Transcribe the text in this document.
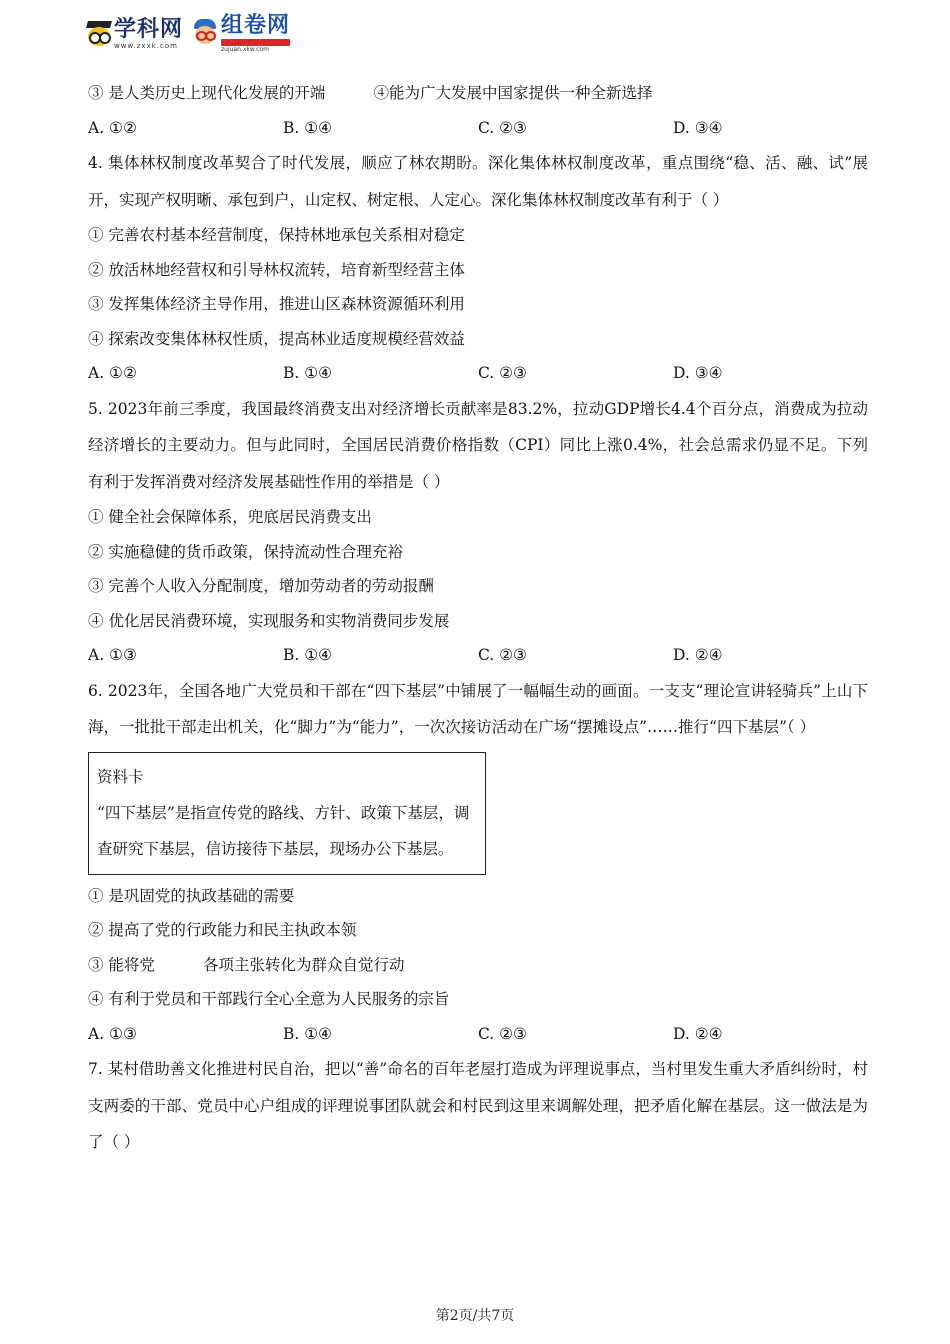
学科网
www.zxxk.com
组卷网
zujuan.xkw.com
③ 是人类历史上现代化发展的开端	④能为广大发展中国家提供一种全新选择
A. ①②	B. ①④	C. ②③	D. ③④
4. 集体林权制度改革契合了时代发展，顺应了林农期盼。深化集体林权制度改革，重点围绕“稳、活、融、试”展开，实现产权明晰、承包到户，山定权、树定根、人定心。深化集体林权制度改革有利于（ ）
① 完善农村基本经营制度，保持林地承包关系相对稳定
② 放活林地经营权和引导林权流转，培育新型经营主体
③ 发挥集体经济主导作用，推进山区森林资源循环利用
④ 探索改变集体林权性质，提高林业适度规模经营效益
A. ①②	B. ①④	C. ②③	D. ③④
5. 2023年前三季度，我国最终消费支出对经济增长贡献率是83.2%，拉动GDP增长4.4个百分点，消费成为拉动经济增长的主要动力。但与此同时，全国居民消费价格指数（CPI）同比上涨0.4%，社会总需求仍显不足。下列有利于发挥消费对经济发展基础性作用的举措是（ ）
① 健全社会保障体系，兜底居民消费支出
② 实施稳健的货币政策，保持流动性合理充裕
③ 完善个人收入分配制度，增加劳动者的劳动报酬
④ 优化居民消费环境，实现服务和实物消费同步发展
A. ①③	B. ①④	C. ②③	D. ②④
6. 2023年，全国各地广大党员和干部在“四下基层”中铺展了一幅幅生动的画面。一支支“理论宣讲轻骑兵”上山下海，一批批干部走出机关，化“脚力”为“能力”，一次次接访活动在广场“摆摊设点”……推行“四下基层”（ ）
资料卡
“四下基层”是指宣传党的路线、方针、政策下基层，调查研究下基层，信访接待下基层，现场办公下基层。
① 是巩固党的执政基础的需要
② 提高了党的行政能力和民主执政本领
③ 能将党	各项主张转化为群众自觉行动
④ 有利于党员和干部践行全心全意为人民服务的宗旨
A. ①③	B. ①④	C. ②③	D. ②④
7. 某村借助善文化推进村民自治，把以“善”命名的百年老屋打造成为评理说事点，当村里发生重大矛盾纠纷时，村支两委的干部、党员中心户组成的评理说事团队就会和村民到这里来调解处理，把矛盾化解在基层。这一做法是为了（ ）
第2页/共7页
